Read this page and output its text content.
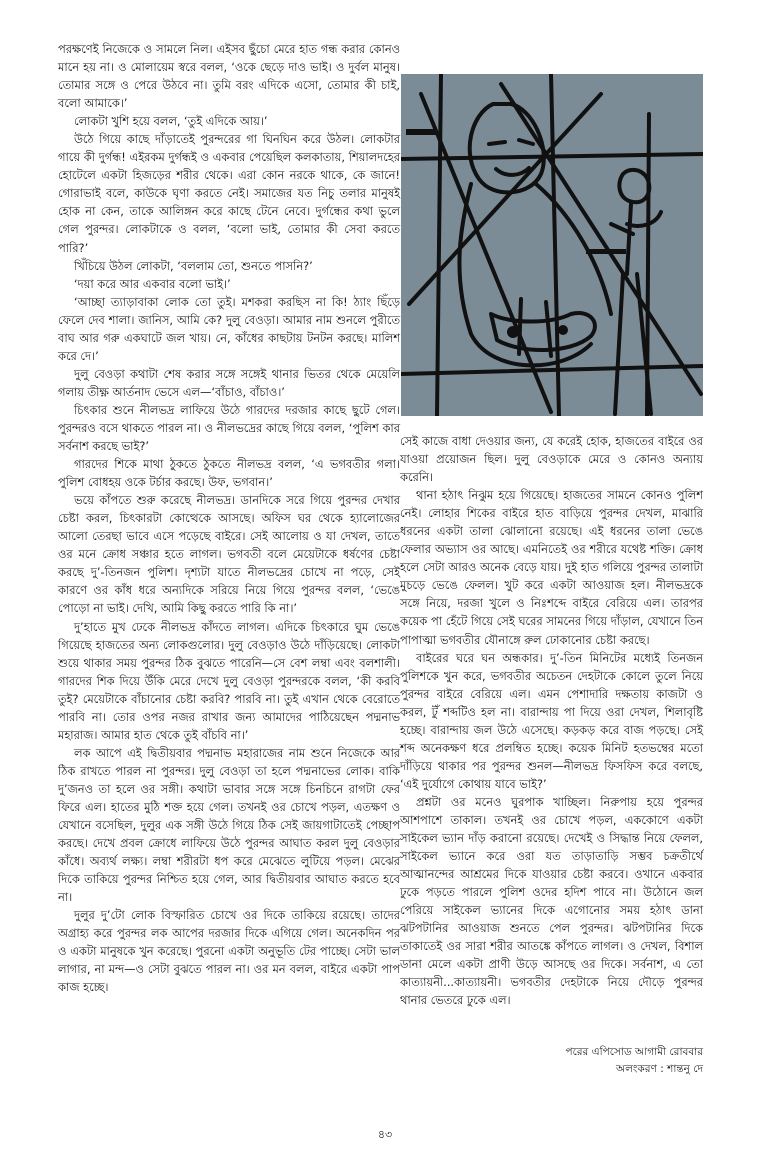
পরক্ষণেই নিজেকে ও সামলে নিল। এইসব ছুঁচো মেরে হাত গন্ধ করার কোনও মানে হয় না। ও মোলায়েম স্বরে বলল, ‘ওকে ছেড়ে দাও ভাই। ও দুর্বল মানুষ। তোমার সঙ্গে ও পেরে উঠবে না। তুমি বরং এদিকে এসো, তোমার কী চাই, বলো আমাকে।’

লোকটা খুশি হয়ে বলল, ‘তুই এদিকে আয়।’

উঠে গিয়ে কাছে দাঁড়াতেই পুরন্দরের গা ঘিনঘিন করে উঠল। লোকটার গায়ে কী দুর্গন্ধ! এইরকম দুর্গন্ধই ও একবার পেয়েছিল কলকাতায়, শিয়ালদহের হোটেলে একটা হিজড়ের শরীর থেকে। এরা কোন নরকে থাকে, কে জানে! গোরাভাই বলে, কাউকে ঘৃণা করতে নেই। সমাজের যত নিচু তলার মানুষই হোক না কেন, তাকে আলিঙ্গন করে কাছে টেনে নেবে। দুর্গন্ধের কথা ভুলে গেল পুরন্দর। লোকটাকে ও বলল, ‘বলো ভাই, তোমার কী সেবা করতে পারি?’

খিঁচিয়ে উঠল লোকটা, ‘বললাম তো, শুনতে পাসনি?’

‘দয়া করে আর একবার বলো ভাই।’

‘আচ্ছা ত্যাড়াবাকা লোক তো তুই। মশকরা করছিস না কি! ঠ্যাং ছিঁড়ে ফেলে দেব শালা। জানিস, আমি কে? দুলু বেওড়া। আমার নাম শুনলে পুরীতে বাঘ আর গরু একঘাটে জল খায়। নে, কাঁধের কাছটায় টনটন করছে। মালিশ করে দে।’

দুলু বেওড়া কথাটা শেষ করার সঙ্গে সঙ্গেই থানার ভিতর থেকে মেয়েলি গলায় তীক্ষ্ণ আর্তনাদ ভেসে এল—‘বাঁচাও, বাঁচাও।’

চিৎকার শুনে নীলভদ্র লাফিয়ে উঠে গারদের দরজার কাছে ছুটে গেল। পুরন্দরও বসে থাকতে পারল না। ও নীলভদ্রের কাছে গিয়ে বলল, ‘পুলিশ কার সর্বনাশ করছে ভাই?’

গারদের শিকে মাথা ঠুকতে ঠুকতে নীলভদ্র বলল, ‘এ ভগবতীর গলা। পুলিশ বোধহয় ওকে টর্চার করছে। উফ, ভগবান।’

ভয়ে কাঁপতে শুরু করেছে নীলভদ্র। ডানদিকে সরে গিয়ে পুরন্দর দেখার চেষ্টা করল, চিৎকারটা কোত্থেকে আসছে। অফিস ঘর থেকে হ্যালোজের আলো তেরছা ভাবে এসে পড়েছে বাইরে। সেই আলোয় ও যা দেখল, তাতে ওর মনে ক্রোধ সঞ্চার হতে লাগল। ভগবতী বলে মেয়েটাকে ধর্ষণের চেষ্টা করছে দু’-তিনজন পুলিশ। দৃশ্যটা যাতে নীলভদ্রের চোখে না পড়ে, সেই কারণে ওর কাঁধ ধরে অন্যদিকে সরিয়ে নিয়ে গিয়ে পুরন্দর বলল, ‘ভেঙে পোড়ো না ভাই। দেখি, আমি কিছু করতে পারি কি না।’

দু’হাতে মুখ ঢেকে নীলভদ্র কাঁদতে লাগল। এদিকে চিৎকারে ঘুম ভেঙে গিয়েছে হাজতের অন্য লোকগুলোর। দুলু বেওড়াও উঠে দাঁড়িয়েছে। লোকটা শুয়ে থাকার সময় পুরন্দর ঠিক বুঝতে পারেনি—সে বেশ লম্বা এবং বলশালী। গারদের শিক দিয়ে উঁকি মেরে দেখে দুলু বেওড়া পুরন্দরকে বলল, ‘কী করবি তুই? মেয়েটাকে বাঁচানোর চেষ্টা করবি? পারবি না। তুই এখান থেকে বেরোতে পারবি না। তোর ওপর নজর রাখার জন্য আমাদের পাঠিয়েছেন পদ্মনাভ মহারাজ। আমার হাত থেকে তুই বাঁচবি না।’

লক আপে এই দ্বিতীয়বার পদ্মনাভ মহারাজের নাম শুনে নিজেকে আর ঠিক রাখতে পারল না পুরন্দর। দুলু বেওড়া তা হলে পদ্মনাভের লোক। বাকি দু’জনও তা হলে ওর সঙ্গী। কথাটা ভাবার সঙ্গে সঙ্গে চিনচিনে রাগটা ফের ফিরে এল। হাতের মুঠি শক্ত হয়ে গেল। তখনই ওর চোখে পড়ল, এতক্ষণ ও যেখানে বসেছিল, দুলুর এক সঙ্গী উঠে গিয়ে ঠিক সেই জায়গাটাতেই পেচ্ছাপ করছে। দেখে প্রবল ক্রোধে লাফিয়ে উঠে পুরন্দর আঘাত করল দুলু বেওড়ার কাঁধে। অব্যর্থ লক্ষ্য। লম্বা শরীরটা ধপ করে মেঝেতে লুটিয়ে পড়ল। মেঝের দিকে তাকিয়ে পুরন্দর নিশ্চিত হয়ে গেল, আর দ্বিতীয়বার আঘাত করতে হবে না।

দুলুর দু’টো লোক বিস্ফারিত চোখে ওর দিকে তাকিয়ে রয়েছে। তাদের অগ্রাহ্য করে পুরন্দর লক আপের দরজার দিকে এগিয়ে গেল। অনেকদিন পর ও একটা মানুষকে খুন করেছে। পুরনো একটা অনুভূতি টের পাচ্ছে। সেটা ভাল লাগার, না মন্দ—ও সেটা বুঝতে পারল না। ওর মন বলল, বাইরে একটা পাপ কাজ হচ্ছে।

সেই কাজে বাধা দেওয়ার জন্য, যে করেই হোক, হাজতের বাইরে ওর যাওয়া প্রয়োজন ছিল। দুলু বেওড়াকে মেরে ও কোনও অন্যায় করেনি।

থানা হঠাৎ নিঝুম হয়ে গিয়েছে। হাজতের সামনে কোনও পুলিশ নেই। লোহার শিকের বাইরে হাত বাড়িয়ে পুরন্দর দেখল, মাঝারি ধরনের একটা তালা ঝোলানো রয়েছে। এই ধরনের তালা ভেঙে ফেলার অভ্যাস ওর আছে। এমনিতেই ওর শরীরে যথেষ্ট শক্তি। ক্রোধ হলে সেটা আরও অনেক বেড়ে যায়। দুই হাত গলিয়ে পুরন্দর তালাটা মুচড়ে ভেঙে ফেলল। খুট করে একটা আওয়াজ হল। নীলভদ্রকে সঙ্গে নিয়ে, দরজা খুলে ও নিঃশব্দে বাইরে বেরিয়ে এল। তারপর কয়েক পা হেঁটে গিয়ে সেই ঘরের সামনের গিয়ে দাঁড়াল, যেখানে তিন পাপাত্মা ভগবতীর যৌনাঙ্গে রুল ঢোকানোর চেষ্টা করছে।

বাইরের ঘরে ঘন অন্ধকার। দু’-তিন মিনিটের মধ্যেই তিনজন পুলিশকে খুন করে, ভগবতীর অচেতন দেহটাকে কোলে তুলে নিয়ে পুরন্দর বাইরে বেরিয়ে এল। এমন পেশাদারি দক্ষতায় কাজটা ও করল, টুঁ শব্দটিও হল না। বারান্দায় পা দিয়ে ওরা দেখল, শিলাবৃষ্টি হচ্ছে। বারান্দায় জল উঠে এসেছে। কড়কড় করে বাজ পড়ছে। সেই শব্দ অনেকক্ষণ ধরে প্রলম্বিত হচ্ছে। কয়েক মিনিট হতভম্বের মতো দাঁড়িয়ে থাকার পর পুরন্দর শুনল—নীলভদ্র ফিসফিস করে বলছে, ‘এই দুর্যোগে কোথায় যাবে ভাই?’

প্রশ্নটা ওর মনেও ঘুরপাক খাচ্ছিল। নিরুপায় হয়ে পুরন্দর আশপাশে তাকাল। তখনই ওর চোখে পড়ল, এককোণে একটা সাইকেল ভ্যান দাঁড় করানো রয়েছে। দেখেই ও সিদ্ধান্ত নিয়ে ফেলল, সাইকেল ভ্যানে করে ওরা যত তাড়াতাড়ি সম্ভব চক্রতীর্থে আত্মানন্দের আশ্রমের দিকে যাওয়ার চেষ্টা করবে। ওখানে একবার ঢুকে পড়তে পারলে পুলিশ ওদের হদিশ পাবে না। উঠোনে জল পেরিয়ে সাইকেল ভ্যানের দিকে এগোনোর সময় হঠাৎ ডানা ঝটপটানির আওয়াজ শুনতে পেল পুরন্দর। ঝটপটানির দিকে তাকাতেই ওর সারা শরীর আতঙ্কে কাঁপতে লাগল। ও দেখল, বিশাল ডানা মেলে একটা প্রাণী উড়ে আসছে ওর দিকে। সর্বনাশ, এ তো কাত্যায়নী...কাত্যায়নী। ভগবতীর দেহটাকে নিয়ে দৌড়ে পুরন্দর থানার ভেতরে ঢুকে এল।

পরের এপিসোড আগামী রোববার
অলংকরণ : শান্তনু দে
৪৩
